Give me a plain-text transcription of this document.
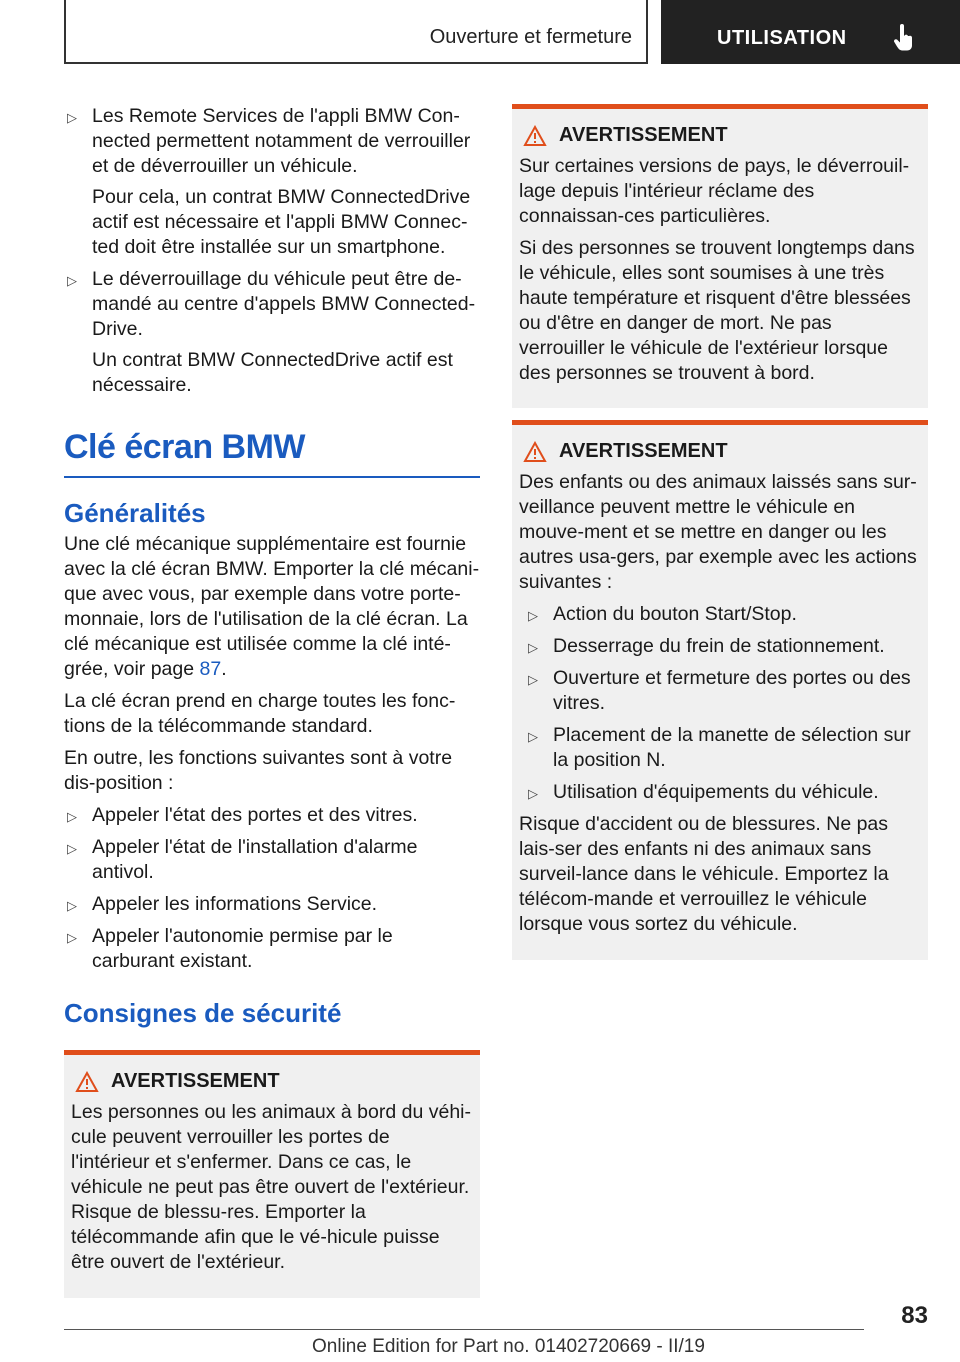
Ouverture et fermeture	UTILISATION
▷ Les Remote Services de l'appli BMW Con-nected permettent notamment de verrouiller et de déverrouiller un véhicule.

Pour cela, un contrat BMW ConnectedDrive actif est nécessaire et l'appli BMW Connec-ted doit être installée sur un smartphone.

▷ Le déverrouillage du véhicule peut être de-mandé au centre d'appels BMW Connected-Drive.

Un contrat BMW ConnectedDrive actif est nécessaire.

Clé écran BMW
Généralités

Une clé mécanique supplémentaire est fournie avec la clé écran BMW. Emporter la clé mécani-que avec vous, par exemple dans votre porte-monnaie, lors de l'utilisation de la clé écran. La clé mécanique est utilisée comme la clé inté-grée, voir page 87.

La clé écran prend en charge toutes les fonc-tions de la télécommande standard.

En outre, les fonctions suivantes sont à votre dis-position :

▷ Appeler l'état des portes et des vitres.
▷ Appeler l'état de l'installation d'alarme antivol.
▷ Appeler les informations Service.
▷ Appeler l'autonomie permise par le carburant existant.
Consignes de sécurité
AVERTISSEMENT

Les personnes ou les animaux à bord du véhi-cule peuvent verrouiller les portes de l'intérieur et s'enfermer. Dans ce cas, le véhicule ne peut pas être ouvert de l'extérieur. Risque de blessu-res. Emporter la télécommande afin que le vé-hicule puisse être ouvert de l'extérieur.

AVERTISSEMENT

Sur certaines versions de pays, le déverrouil-lage depuis l'intérieur réclame des connaissan-ces particulières.

Si des personnes se trouvent longtemps dans le véhicule, elles sont soumises à une très haute température et risquent d'être blessées ou d'être en danger de mort. Ne pas verrouiller le véhicule de l'extérieur lorsque des personnes se trouvent à bord.

AVERTISSEMENT

Des enfants ou des animaux laissés sans sur-veillance peuvent mettre le véhicule en mouve-ment et se mettre en danger ou les autres usa-gers, par exemple avec les actions suivantes :

▷ Action du bouton Start/Stop.
▷ Desserrage du frein de stationnement.
▷ Ouverture et fermeture des portes ou des vitres.
▷ Placement de la manette de sélection sur la position N.
▷ Utilisation d'équipements du véhicule.

Risque d'accident ou de blessures. Ne pas lais-ser des enfants ni des animaux sans surveil-lance dans le véhicule. Emportez la télécom-mande et verrouillez le véhicule lorsque vous sortez du véhicule.

83
Online Edition for Part no. 01402720669 - II/19
